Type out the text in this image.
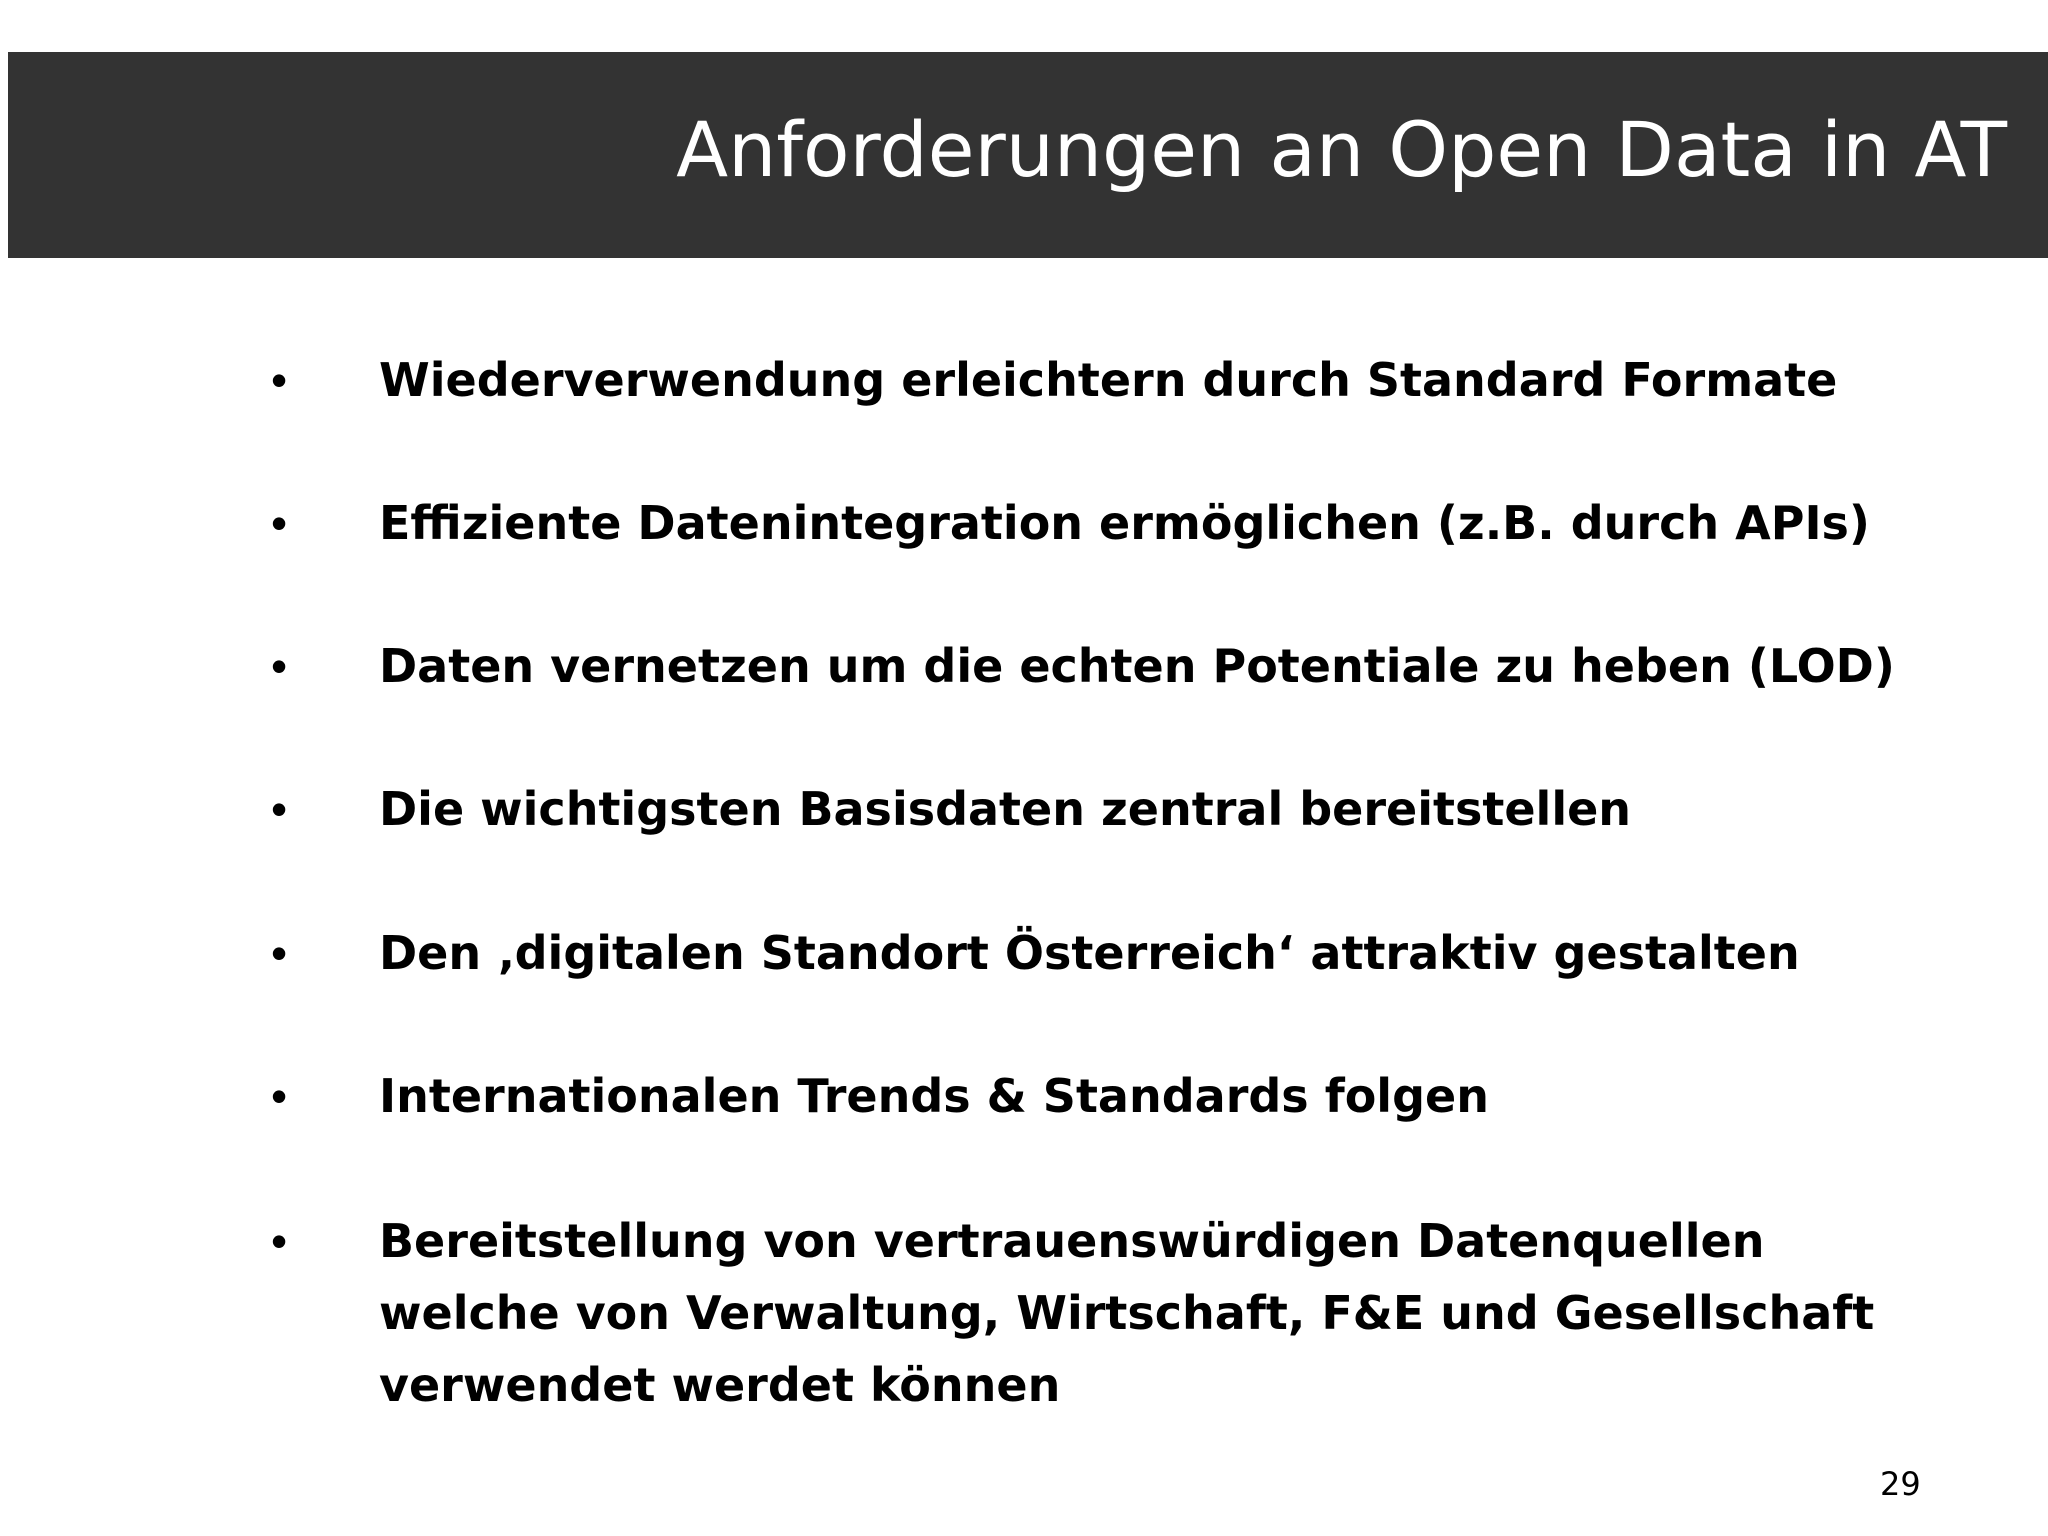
Anforderungen an Open Data in AT
• Wiederverwendung erleichtern durch Standard Formate
• Effiziente Datenintegration ermöglichen (z.B. durch APIs)
• Daten vernetzen um die echten Potentiale zu heben (LOD)
• Die wichtigsten Basisdaten zentral bereitstellen
• Den ‚digitalen Standort Österreich‘ attraktiv gestalten
• Internationalen Trends & Standards folgen
• Bereitstellung von vertrauenswürdigen Datenquellen welche von Verwaltung, Wirtschaft, F&E und Gesellschaft verwendet werdet können
29
